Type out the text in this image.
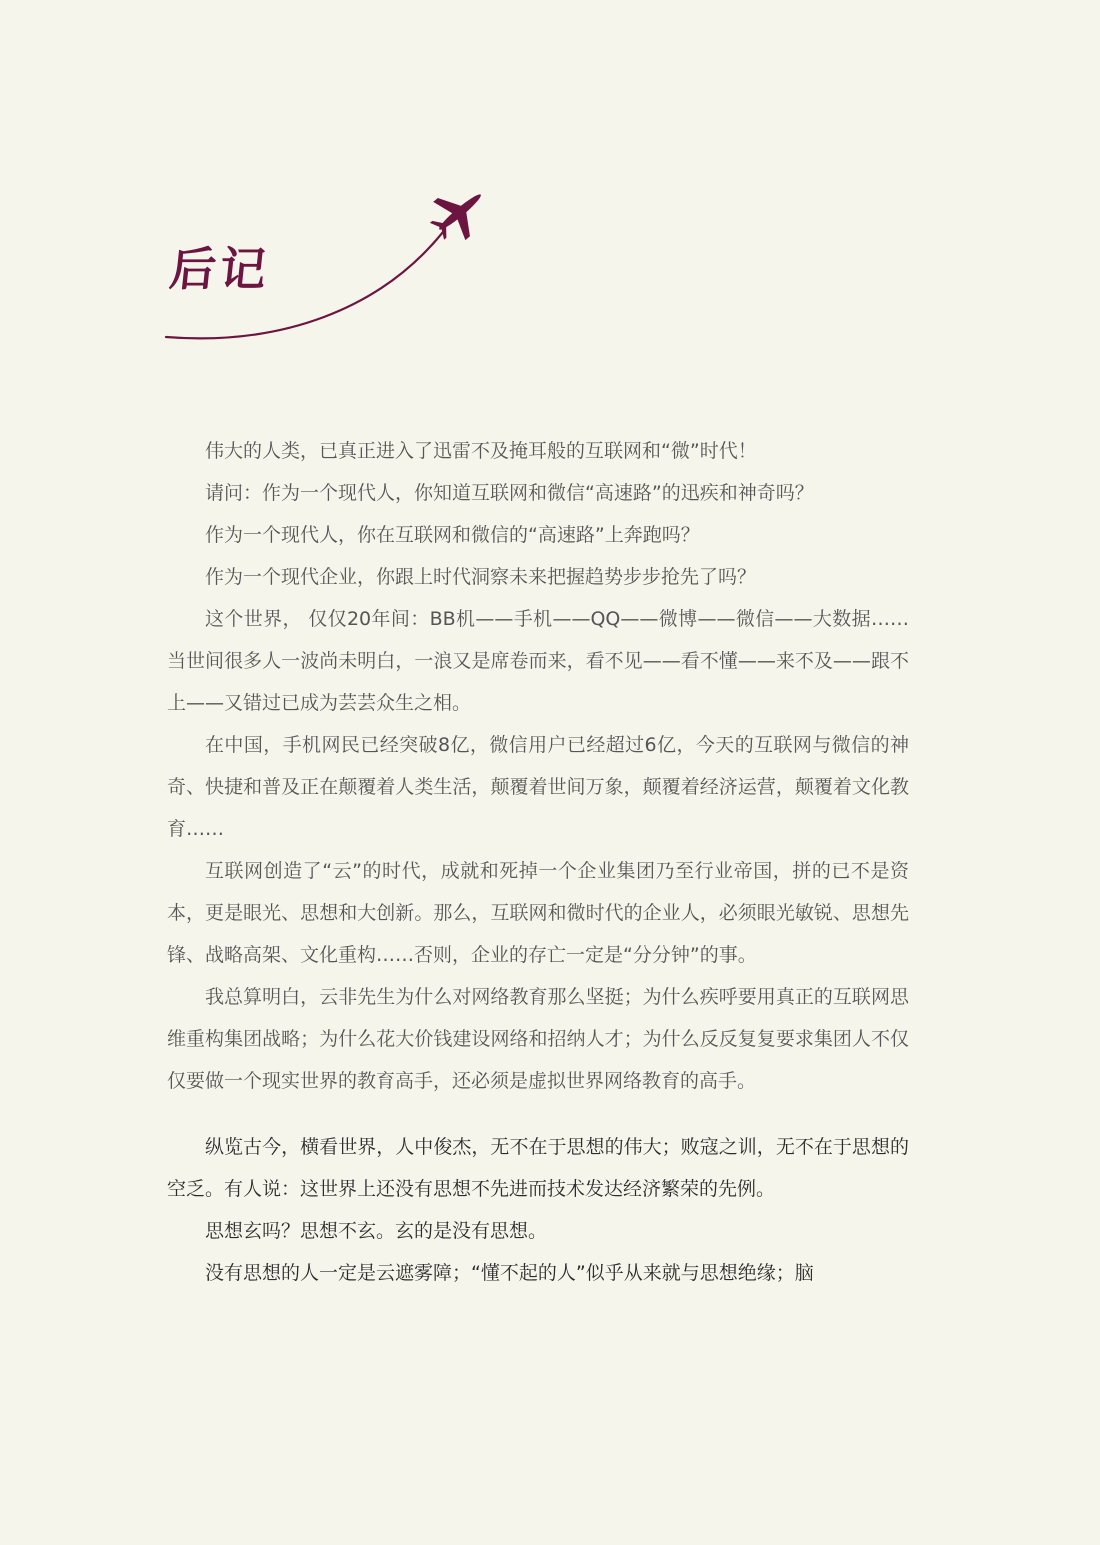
后记

伟大的人类，已真正进入了迅雷不及掩耳般的互联网和“微”时代！

请问：作为一个现代人，你知道互联网和微信“高速路”的迅疾和神奇吗？

作为一个现代人，你在互联网和微信的“高速路”上奔跑吗？

作为一个现代企业，你跟上时代洞察未来把握趋势步步抢先了吗？

这个世界， 仅仅20年间：BB机——手机——QQ——微博——微信——大数据……当世间很多人一波尚未明白，一浪又是席卷而来，看不见——看不懂——来不及——跟不上——又错过已成为芸芸众生之相。

在中国，手机网民已经突破8亿，微信用户已经超过6亿，今天的互联网与微信的神奇、快捷和普及正在颠覆着人类生活，颠覆着世间万象，颠覆着经济运营，颠覆着文化教育……

互联网创造了“云”的时代，成就和死掉一个企业集团乃至行业帝国，拼的已不是资本，更是眼光、思想和大创新。那么，互联网和微时代的企业人，必须眼光敏锐、思想先锋、战略高架、文化重构……否则，企业的存亡一定是“分分钟”的事。

我总算明白，云非先生为什么对网络教育那么坚挺；为什么疾呼要用真正的互联网思维重构集团战略；为什么花大价钱建设网络和招纳人才；为什么反反复复要求集团人不仅仅要做一个现实世界的教育高手，还必须是虚拟世界网络教育的高手。

纵览古今，横看世界，人中俊杰，无不在于思想的伟大；败寇之训，无不在于思想的空乏。有人说：这世界上还没有思想不先进而技术发达经济繁荣的先例。

思想玄吗？思想不玄。玄的是没有思想。

没有思想的人一定是云遮雾障；“懂不起的人”似乎从来就与思想绝缘；脑
